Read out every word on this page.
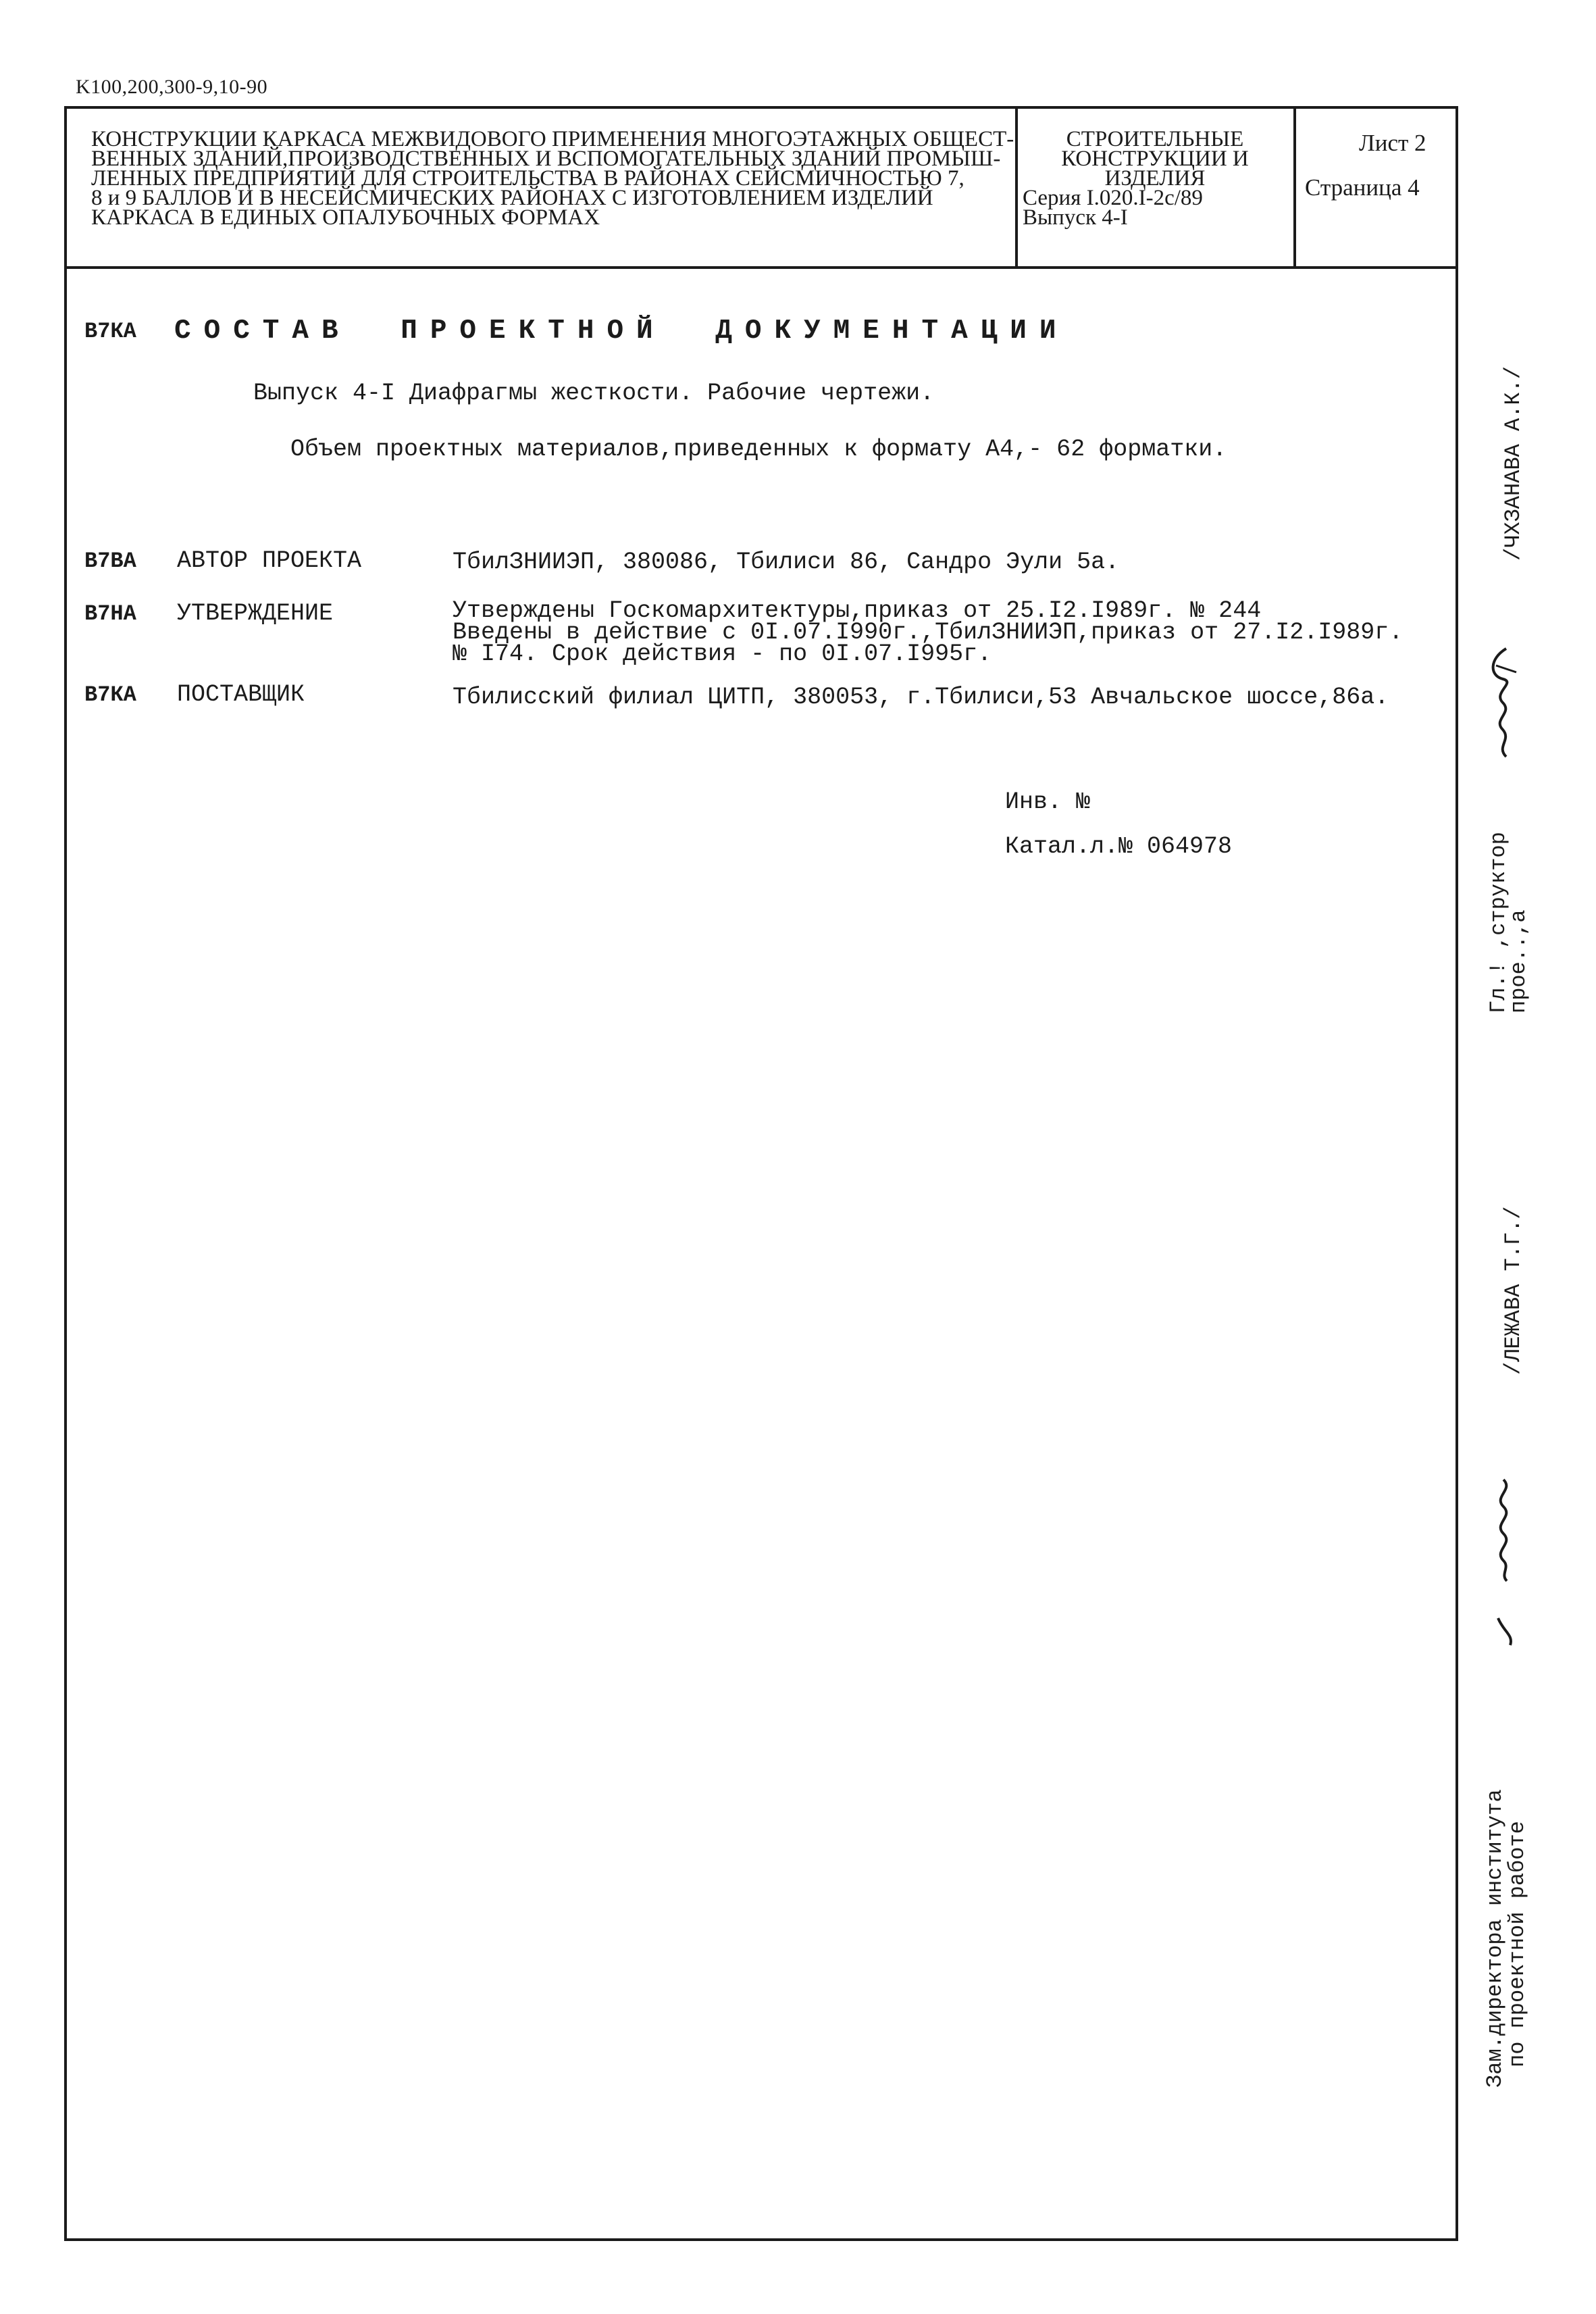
K100,200,300-9,10-90
КОНСТРУКЦИИ КАРКАСА МЕЖВИДОВОГО ПРИМЕНЕНИЯ МНОГОЭТАЖНЫХ ОБЩЕСТ-
ВЕННЫХ ЗДАНИЙ,ПРОИЗВОДСТВЕННЫХ И ВСПОМОГАТЕЛЬНЫХ ЗДАНИЙ ПРОМЫШ-
ЛЕННЫХ ПРЕДПРИЯТИЙ ДЛЯ СТРОИТЕЛЬСТВА В РАЙОНАХ СЕЙСМИЧНОСТЬЮ 7,
8 и 9 БАЛЛОВ И В НЕСЕЙСМИЧЕСКИХ РАЙОНАХ С ИЗГОТОВЛЕНИЕМ ИЗДЕЛИЙ
КАРКАСА В ЕДИНЫХ ОПАЛУБОЧНЫХ ФОРМАХ
СТРОИТЕЛЬНЫЕ
КОНСТРУКЦИИ И
ИЗДЕЛИЯ
Серия I.020.I-2с/89
Выпуск 4-I
Лист 2
Страница 4
В7КА СОСТАВ ПРОЕКТНОЙ ДОКУМЕНТАЦИИ
Выпуск 4-I Диафрагмы жесткости. Рабочие чертежи.
Объем проектных материалов,приведенных к формату А4,- 62 форматки.
В7ВА АВТОР ПРОЕКТА	ТбилЗНИИЭП, 380086, Тбилиси 86, Сандро Эули 5а.
В7НА УТВЕРЖДЕНИЕ	Утверждены Госкомархитектуры,приказ от 25.I2.I989г. № 244
Введены в действие с 0I.07.I990г.,ТбилЗНИИЭП,приказ от 27.I2.I989г.
№ I74. Срок действия - по 0I.07.I995г.
В7КА ПОСТАВЩИК	Тбилисский филиал ЦИТП, 380053, г.Тбилиси,53 Авчальское шоссе,86а.
Инв. №
Катал.л.№ 064978
/ЧХЗАНАВА А.К./
Гл.! ,структор
прое..,а
/ЛЕЖАВА Т.Г./
Зам.директора института
по проектной работе
